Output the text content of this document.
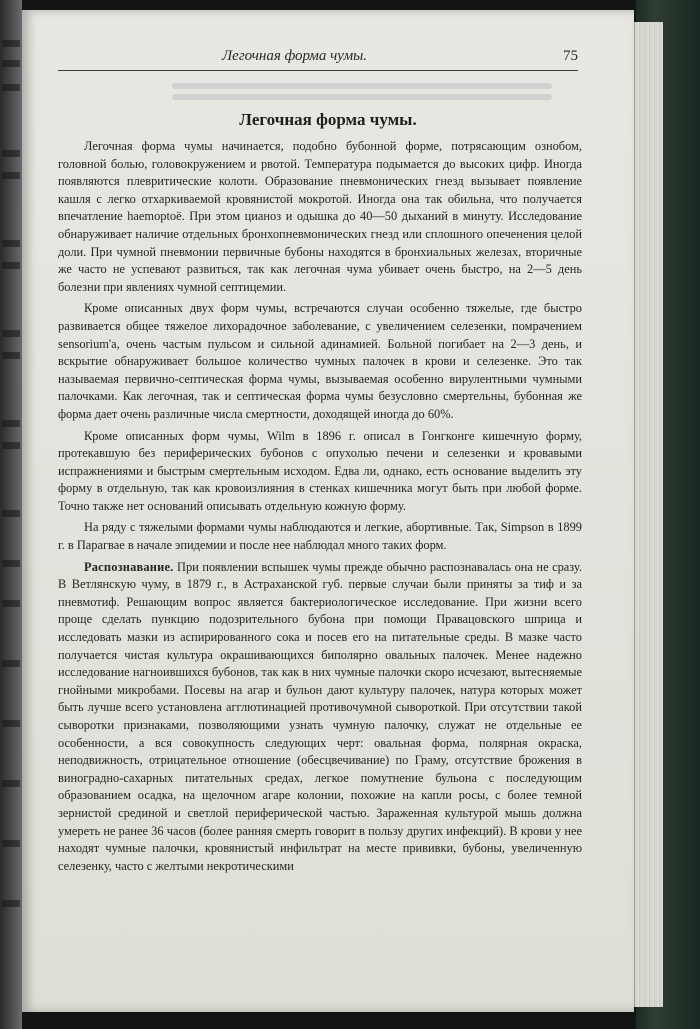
Легочная форма чумы.	75
Легочная форма чумы.

Легочная форма чумы начинается, подобно бубонной форме, потрясающим ознобом, головной болью, головокружением и рвотой. Температура подымается до высоких цифр. Иногда появляются плевритические колоти. Образование пневмонических гнезд вызывает появление кашля с легко отхаркиваемой кровянистой мокротой. Иногда она так обильна, что получается впечатление haemoptoë. При этом цианоз и одышка до 40—50 дыханий в минуту. Исследование обнаруживает наличие отдельных бронхопневмонических гнезд или сплошного опеченения целой доли. При чумной пневмонии первичные бубоны находятся в бронхиальных железах, вторичные же часто не успевают развиться, так как легочная чума убивает очень быстро, на 2—5 день болезни при явлениях чумной септицемии.

Кроме описанных двух форм чумы, встречаются случаи особенно тяжелые, где быстро развивается общее тяжелое лихорадочное заболевание, с увеличением селезенки, помрачением sensorium'a, очень частым пульсом и сильной адинамией. Больной погибает на 2—3 день, и вскрытие обнаруживает большое количество чумных палочек в крови и селезенке. Это так называемая первично-септическая форма чумы, вызываемая особенно вирулентными чумными палочками. Как легочная, так и септическая форма чумы безусловно смертельны, бубонная же форма дает очень различные числа смертности, доходящей иногда до 60%.

Кроме описанных форм чумы, Wilm в 1896 г. описал в Гонгконге кишечную форму, протекавшую без периферических бубонов с опухолью печени и селезенки и кровавыми испражнениями и быстрым смертельным исходом. Едва ли, однако, есть основание выделить эту форму в отдельную, так как кровоизлияния в стенках кишечника могут быть при любой форме. Точно также нет оснований описывать отдельную кожную форму.

На ряду с тяжелыми формами чумы наблюдаются и легкие, абортивные. Так, Simpson в 1899 г. в Парагвае в начале эпидемии и после нее наблюдал много таких форм.

Распознавание. При появлении вспышек чумы прежде обычно распознавалась она не сразу. В Ветлянскую чуму, в 1879 г., в Астраханской губ. первые случаи были приняты за тиф и за пневмотиф. Решающим вопрос является бактериологическое исследование. При жизни всего проще сделать пункцию подозрительного бубона при помощи Правацовского шприца и исследовать мазки из аспирированного сока и посев его на питательные среды. В мазке часто получается чистая культура окрашивающихся биполярно овальных палочек. Менее надежно исследование нагноившихся бубонов, так как в них чумные палочки скоро исчезают, вытесняемые гнойными микробами. Посевы на агар и бульон дают культуру палочек, натура которых может быть лучше всего установлена агглютинацией противочумной сывороткой. При отсутствии такой сыворотки признаками, позволяющими узнать чумную палочку, служат не отдельные ее особенности, а вся совокупность следующих черт: овальная форма, полярная окраска, неподвижность, отрицательное отношение (обесцвечивание) по Граму, отсутствие брожения в виноградно-сахарных питательных средах, легкое помутнение бульона с последующим образованием осадка, на щелочном агаре колонии, похожие на капли росы, с более темной зернистой срединой и светлой периферической частью. Зараженная культурой мышь должна умереть не ранее 36 часов (более ранняя смерть говорит в пользу других инфекций). В крови у нее находят чумные палочки, кровянистый инфильтрат на месте прививки, бубоны, увеличенную селезенку, часто с желтыми некротическими
